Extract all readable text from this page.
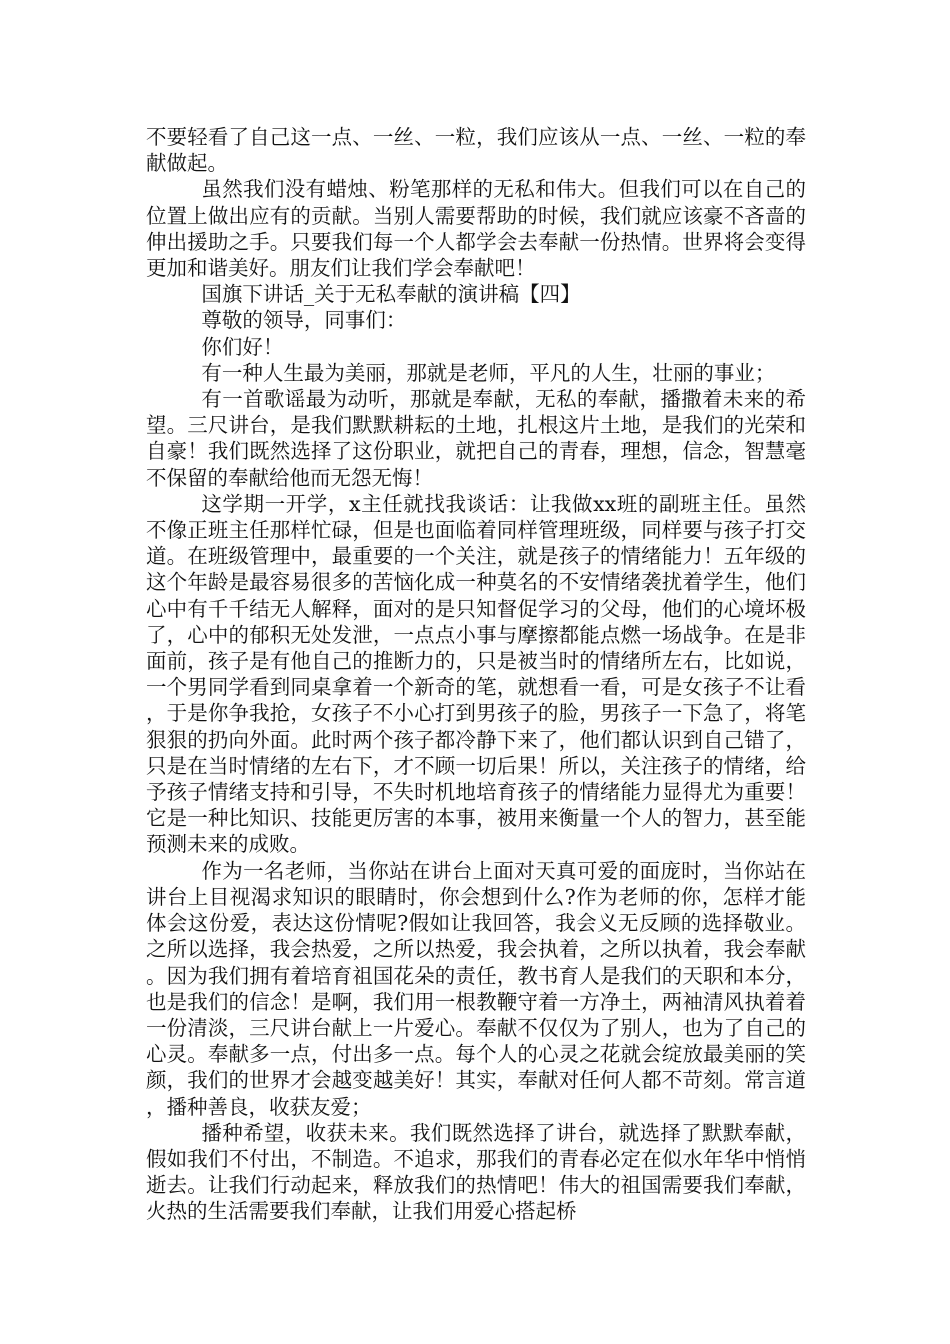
不要轻看了自己这一点、一丝、一粒，我们应该从一点、一丝、一粒的奉献做起。

虽然我们没有蜡烛、粉笔那样的无私和伟大。但我们可以在自己的位置上做出应有的贡献。当别人需要帮助的时候，我们就应该豪不吝啬的伸出援助之手。只要我们每一个人都学会去奉献一份热情。世界将会变得更加和谐美好。朋友们让我们学会奉献吧！

国旗下讲话_关于无私奉献的演讲稿【四】

尊敬的领导，同事们：

你们好！

有一种人生最为美丽，那就是老师，平凡的人生，壮丽的事业；

有一首歌谣最为动听，那就是奉献，无私的奉献，播撒着未来的希望。三尺讲台，是我们默默耕耘的土地，扎根这片土地，是我们的光荣和自豪！我们既然选择了这份职业，就把自己的青春，理想，信念，智慧毫不保留的奉献给他而无怨无悔！

这学期一开学，x主任就找我谈话：让我做xx班的副班主任。虽然不像正班主任那样忙碌，但是也面临着同样管理班级，同样要与孩子打交道。在班级管理中，最重要的一个关注，就是孩子的情绪能力！五年级的这个年龄是最容易很多的苦恼化成一种莫名的不安情绪袭扰着学生，他们心中有千千结无人解释，面对的是只知督促学习的父母，他们的心境坏极了，心中的郁积无处发泄，一点点小事与摩擦都能点燃一场战争。在是非面前，孩子是有他自己的推断力的，只是被当时的情绪所左右，比如说，一个男同学看到同桌拿着一个新奇的笔，就想看一看，可是女孩子不让看，于是你争我抢，女孩子不小心打到男孩子的脸，男孩子一下急了，将笔狠狠的扔向外面。此时两个孩子都冷静下来了，他们都认识到自己错了，只是在当时情绪的左右下，才不顾一切后果！所以，关注孩子的情绪，给予孩子情绪支持和引导，不失时机地培育孩子的情绪能力显得尤为重要！它是一种比知识、技能更厉害的本事，被用来衡量一个人的智力，甚至能预测未来的成败。

作为一名老师，当你站在讲台上面对天真可爱的面庞时，当你站在讲台上目视渴求知识的眼睛时，你会想到什么?作为老师的你，怎样才能体会这份爱，表达这份情呢?假如让我回答，我会义无反顾的选择敬业。之所以选择，我会热爱，之所以热爱，我会执着，之所以执着，我会奉献。因为我们拥有着培育祖国花朵的责任，教书育人是我们的天职和本分，也是我们的信念！是啊，我们用一根教鞭守着一方净土，两袖清风执着着一份清淡，三尺讲台献上一片爱心。奉献不仅仅为了别人，也为了自己的心灵。奉献多一点，付出多一点。每个人的心灵之花就会绽放最美丽的笑颜，我们的世界才会越变越美好！其实，奉献对任何人都不苛刻。常言道，播种善良，收获友爱；

播种希望，收获未来。我们既然选择了讲台，就选择了默默奉献，假如我们不付出，不制造。不追求，那我们的青春必定在似水年华中悄悄逝去。让我们行动起来，释放我们的热情吧！伟大的祖国需要我们奉献，火热的生活需要我们奉献，让我们用爱心搭起桥
